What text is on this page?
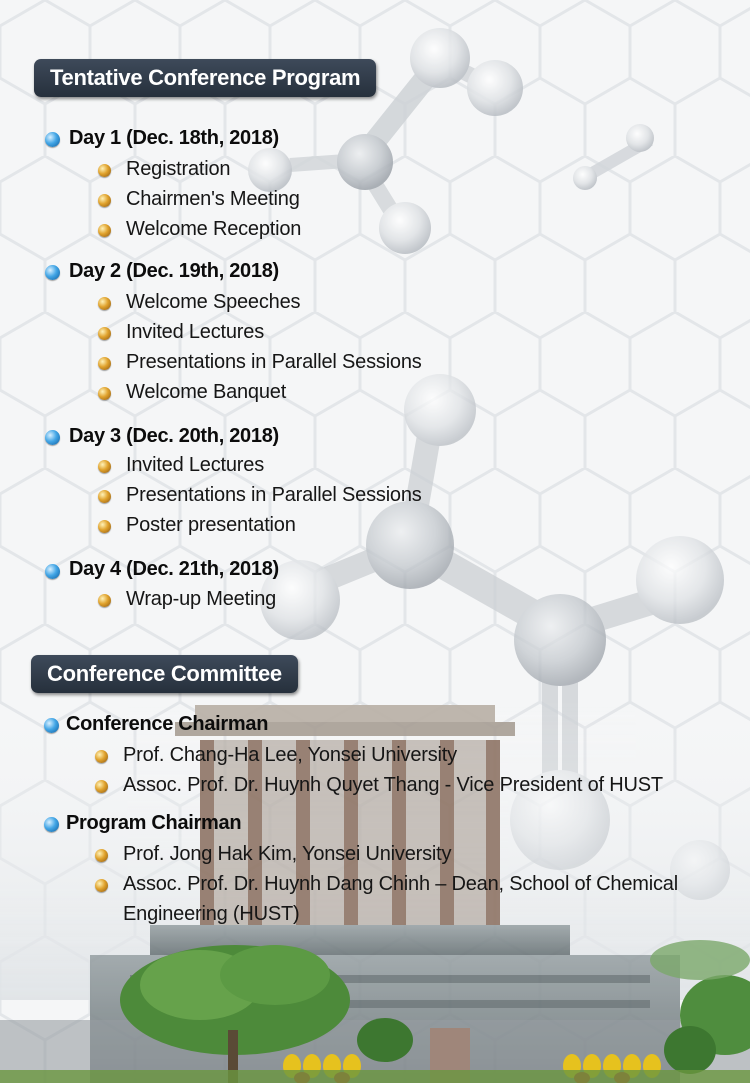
Tentative Conference Program
Day 1 (Dec. 18th, 2018)
Registration
Chairmen's Meeting
Welcome Reception
Day 2 (Dec. 19th, 2018)
Welcome Speeches
Invited Lectures
Presentations in Parallel Sessions
Welcome Banquet
Day 3 (Dec. 20th, 2018)
Invited Lectures
Presentations in Parallel Sessions
Poster presentation
Day 4 (Dec. 21th, 2018)
Wrap-up Meeting
Conference Committee
Conference Chairman
Prof. Chang-Ha Lee, Yonsei University
Assoc. Prof. Dr. Huynh Quyet Thang - Vice President of HUST
Program Chairman
Prof. Jong Hak Kim, Yonsei University
Assoc. Prof. Dr. Huynh Dang Chinh – Dean, School of Chemical Engineering (HUST)
